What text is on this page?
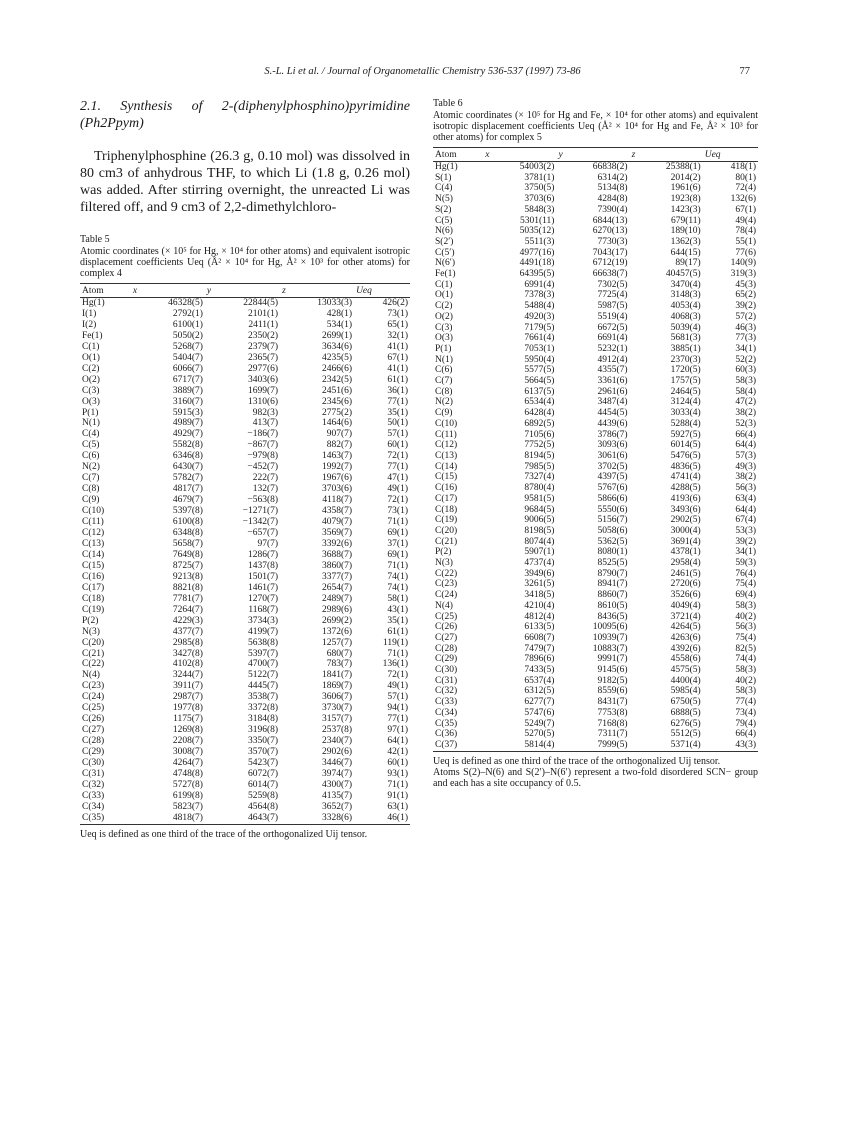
S.-L. Li et al. / Journal of Organometallic Chemistry 536-537 (1997) 73-86	77
2.1. Synthesis of 2-(diphenylphosphino)pyrimidine
(Ph2Ppym)

Triphenylphosphine (26.3 g, 0.10 mol) was dissolved in 80 cm3 of anhydrous THF, to which Li (1.8 g, 0.26 mol) was added. After stirring overnight, the unreacted Li was filtered off, and 9 cm3 of 2,2-dimethylchloro-

Table 5

Atomic coordinates (× 10⁵ for Hg, × 10⁴ for other atoms) and equivalent isotropic displacement coefficients Ueq (Å² × 10⁴ for Hg, Å² × 10³ for other atoms) for complex 4

Atom	x	y	z	Ueq
Hg(1)	46328(5)	22844(5)	13033(3)	426(2)
I(1)	2792(1)	2101(1)	428(1)	73(1)
I(2)	6100(1)	2411(1)	534(1)	65(1)
Fe(1)	5050(2)	2350(2)	2699(1)	32(1)
C(1)	5268(7)	2379(7)	3634(6)	41(1)
O(1)	5404(7)	2365(7)	4235(5)	67(1)
C(2)	6066(7)	2977(6)	2466(6)	41(1)
O(2)	6717(7)	3403(6)	2342(5)	61(1)
C(3)	3889(7)	1699(7)	2451(6)	36(1)
O(3)	3160(7)	1310(6)	2345(6)	77(1)
P(1)	5915(3)	982(3)	2775(2)	35(1)
N(1)	4989(7)	413(7)	1464(6)	50(1)
C(4)	4929(7)	−186(7)	907(7)	57(1)
C(5)	5582(8)	−867(7)	882(7)	60(1)
C(6)	6346(8)	−979(8)	1463(7)	72(1)
N(2)	6430(7)	−452(7)	1992(7)	77(1)
C(7)	5782(7)	222(7)	1967(6)	47(1)
C(8)	4817(7)	132(7)	3703(6)	49(1)
C(9)	4679(7)	−563(8)	4118(7)	72(1)
C(10)	5397(8)	−1271(7)	4358(7)	73(1)
C(11)	6100(8)	−1342(7)	4079(7)	71(1)
C(12)	6348(8)	−657(7)	3569(7)	69(1)
C(13)	5658(7)	97(7)	3392(6)	37(1)
C(14)	7649(8)	1286(7)	3688(7)	69(1)
C(15)	8725(7)	1437(8)	3860(7)	71(1)
C(16)	9213(8)	1501(7)	3377(7)	74(1)
C(17)	8821(8)	1461(7)	2654(7)	74(1)
C(18)	7781(7)	1270(7)	2489(7)	58(1)
C(19)	7264(7)	1168(7)	2989(6)	43(1)
P(2)	4229(3)	3734(3)	2699(2)	35(1)
N(3)	4377(7)	4199(7)	1372(6)	61(1)
C(20)	2985(8)	5638(8)	1257(7)	119(1)
C(21)	3427(8)	5397(7)	680(7)	71(1)
C(22)	4102(8)	4700(7)	783(7)	136(1)
N(4)	3244(7)	5122(7)	1841(7)	72(1)
C(23)	3911(7)	4445(7)	1869(7)	49(1)
C(24)	2987(7)	3538(7)	3606(7)	57(1)
C(25)	1977(8)	3372(8)	3730(7)	94(1)
C(26)	1175(7)	3184(8)	3157(7)	77(1)
C(27)	1269(8)	3196(8)	2537(8)	97(1)
C(28)	2208(7)	3350(7)	2340(7)	64(1)
C(29)	3008(7)	3570(7)	2902(6)	42(1)
C(30)	4264(7)	5423(7)	3446(7)	60(1)
C(31)	4748(8)	6072(7)	3974(7)	93(1)
C(32)	5727(8)	6014(7)	4300(7)	71(1)
C(33)	6199(8)	5259(8)	4135(7)	91(1)
C(34)	5823(7)	4564(8)	3652(7)	63(1)
C(35)	4818(7)	4643(7)	3328(6)	46(1)

Ueq is defined as one third of the trace of the orthogonalized Uij tensor.

Table 6

Atomic coordinates (× 10⁵ for Hg and Fe, × 10⁴ for other atoms) and equivalent isotropic displacement coefficients Ueq (Å² × 10⁴ for Hg and Fe, Å² × 10³ for other atoms) for complex 5

Atom	x	y	z	Ueq
Hg(1)	54003(2)	66838(2)	25388(1)	418(1)
S(1)	3781(1)	6314(2)	2014(2)	80(1)
C(4)	3750(5)	5134(8)	1961(6)	72(4)
N(5)	3703(6)	4284(8)	1923(8)	132(6)
S(2)	5848(3)	7390(4)	1423(3)	67(1)
C(5)	5301(11)	6844(13)	679(11)	49(4)
N(6)	5035(12)	6270(13)	189(10)	78(4)
S(2′)	5511(3)	7730(3)	1362(3)	55(1)
C(5′)	4977(16)	7043(17)	644(15)	77(6)
N(6′)	4491(18)	6712(19)	89(17)	140(9)
Fe(1)	64395(5)	66638(7)	40457(5)	319(3)
C(1)	6991(4)	7302(5)	3470(4)	45(3)
O(1)	7378(3)	7725(4)	3148(3)	65(2)
C(2)	5488(4)	5987(5)	4053(4)	39(2)
O(2)	4920(3)	5519(4)	4068(3)	57(2)
C(3)	7179(5)	6672(5)	5039(4)	46(3)
O(3)	7661(4)	6691(4)	5681(3)	77(3)
P(1)	7053(1)	5232(1)	3885(1)	34(1)
N(1)	5950(4)	4912(4)	2370(3)	52(2)
C(6)	5577(5)	4355(7)	1720(5)	60(3)
C(7)	5664(5)	3361(6)	1757(5)	58(3)
C(8)	6137(5)	2961(6)	2464(5)	58(4)
N(2)	6534(4)	3487(4)	3124(4)	47(2)
C(9)	6428(4)	4454(5)	3033(4)	38(2)
C(10)	6892(5)	4439(6)	5288(4)	52(3)
C(11)	7105(6)	3786(7)	5927(5)	66(4)
C(12)	7752(5)	3093(6)	6014(5)	64(4)
C(13)	8194(5)	3061(6)	5476(5)	57(3)
C(14)	7985(5)	3702(5)	4836(5)	49(3)
C(15)	7327(4)	4397(5)	4741(4)	38(2)
C(16)	8780(4)	5767(6)	4288(5)	56(3)
C(17)	9581(5)	5866(6)	4193(6)	63(4)
C(18)	9684(5)	5550(6)	3493(6)	64(4)
C(19)	9006(5)	5156(7)	2902(5)	67(4)
C(20)	8198(5)	5058(6)	3000(4)	53(3)
C(21)	8074(4)	5362(5)	3691(4)	39(2)
P(2)	5907(1)	8080(1)	4378(1)	34(1)
N(3)	4737(4)	8525(5)	2958(4)	59(3)
C(22)	3949(6)	8790(7)	2461(5)	76(4)
C(23)	3261(5)	8941(7)	2720(6)	75(4)
C(24)	3418(5)	8860(7)	3526(6)	69(4)
N(4)	4210(4)	8610(5)	4049(4)	58(3)
C(25)	4812(4)	8436(5)	3721(4)	40(2)
C(26)	6133(5)	10095(6)	4264(5)	56(3)
C(27)	6608(7)	10939(7)	4263(6)	75(4)
C(28)	7479(7)	10883(7)	4392(6)	82(5)
C(29)	7896(6)	9991(7)	4558(6)	74(4)
C(30)	7433(5)	9145(6)	4575(5)	58(3)
C(31)	6537(4)	9182(5)	4400(4)	40(2)
C(32)	6312(5)	8559(6)	5985(4)	58(3)
C(33)	6277(7)	8431(7)	6750(5)	77(4)
C(34)	5747(6)	7753(8)	6888(5)	73(4)
C(35)	5249(7)	7168(8)	6276(5)	79(4)
C(36)	5270(5)	7311(7)	5512(5)	66(4)
C(37)	5814(4)	7999(5)	5371(4)	43(3)

Ueq is defined as one third of the trace of the orthogonalized Uij tensor.

Atoms S(2)–N(6) and S(2′)–N(6′) represent a two-fold disordered SCN− group and each has a site occupancy of 0.5.
